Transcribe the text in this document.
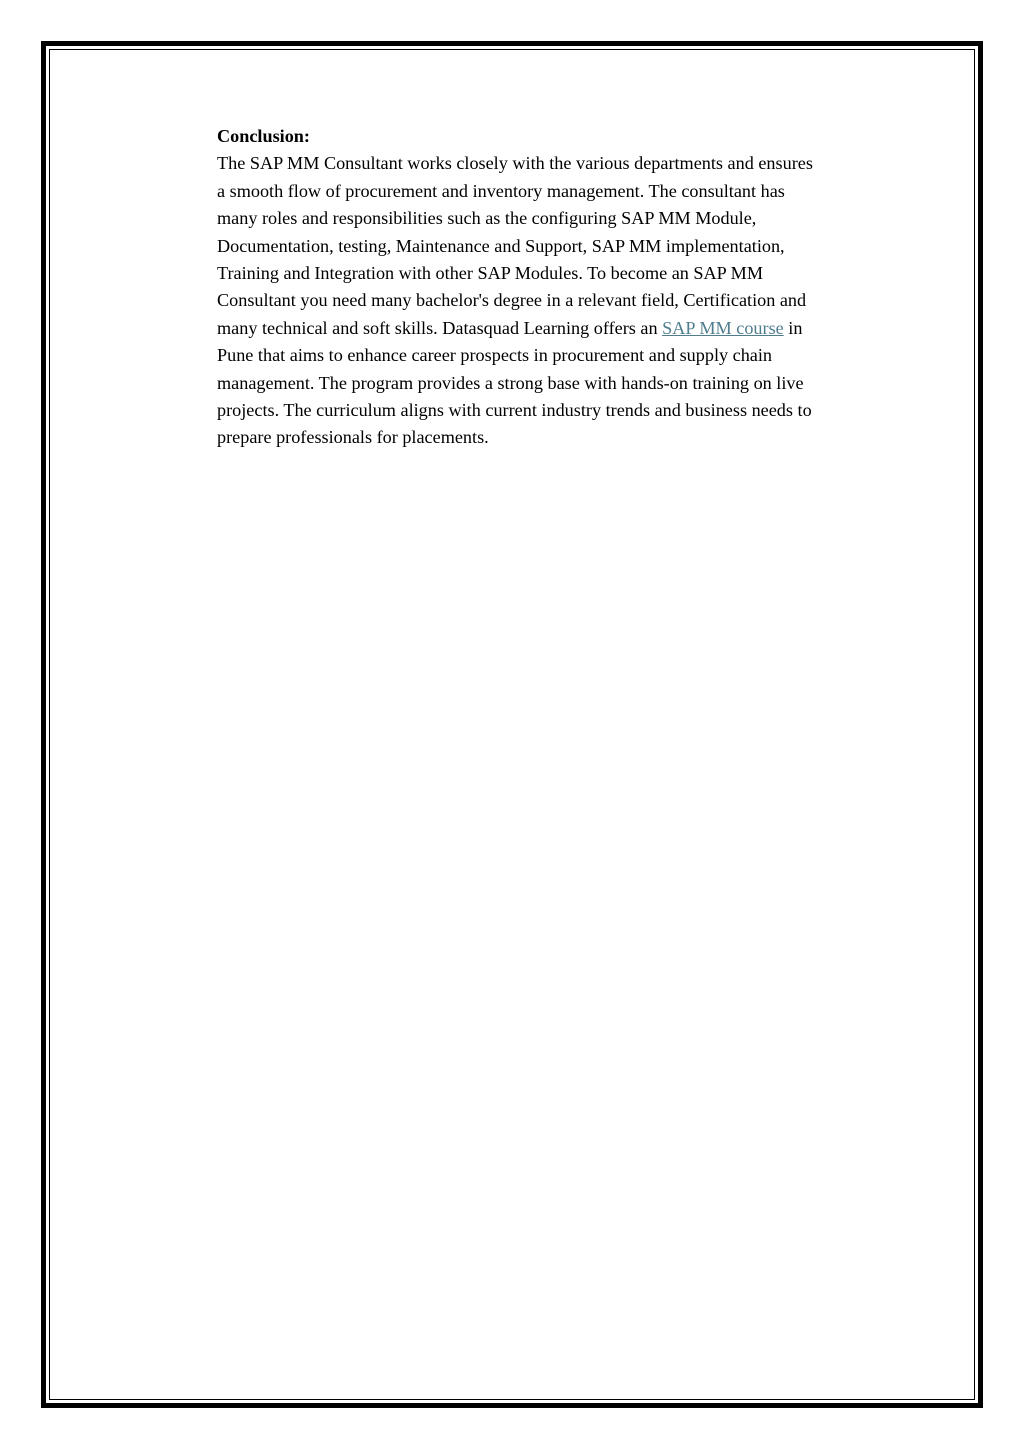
Conclusion:

The SAP MM Consultant works closely with the various departments and ensures
a smooth flow of procurement and inventory management. The consultant has
many roles and responsibilities such as the configuring SAP MM Module,
Documentation, testing, Maintenance and Support, SAP MM implementation,
Training and Integration with other SAP Modules. To become an SAP MM
Consultant you need many bachelor's degree in a relevant field, Certification and
many technical and soft skills. Datasquad Learning offers an SAP MM course in
Pune that aims to enhance career prospects in procurement and supply chain
management. The program provides a strong base with hands-on training on live
projects. The curriculum aligns with current industry trends and business needs to
prepare professionals for placements.
